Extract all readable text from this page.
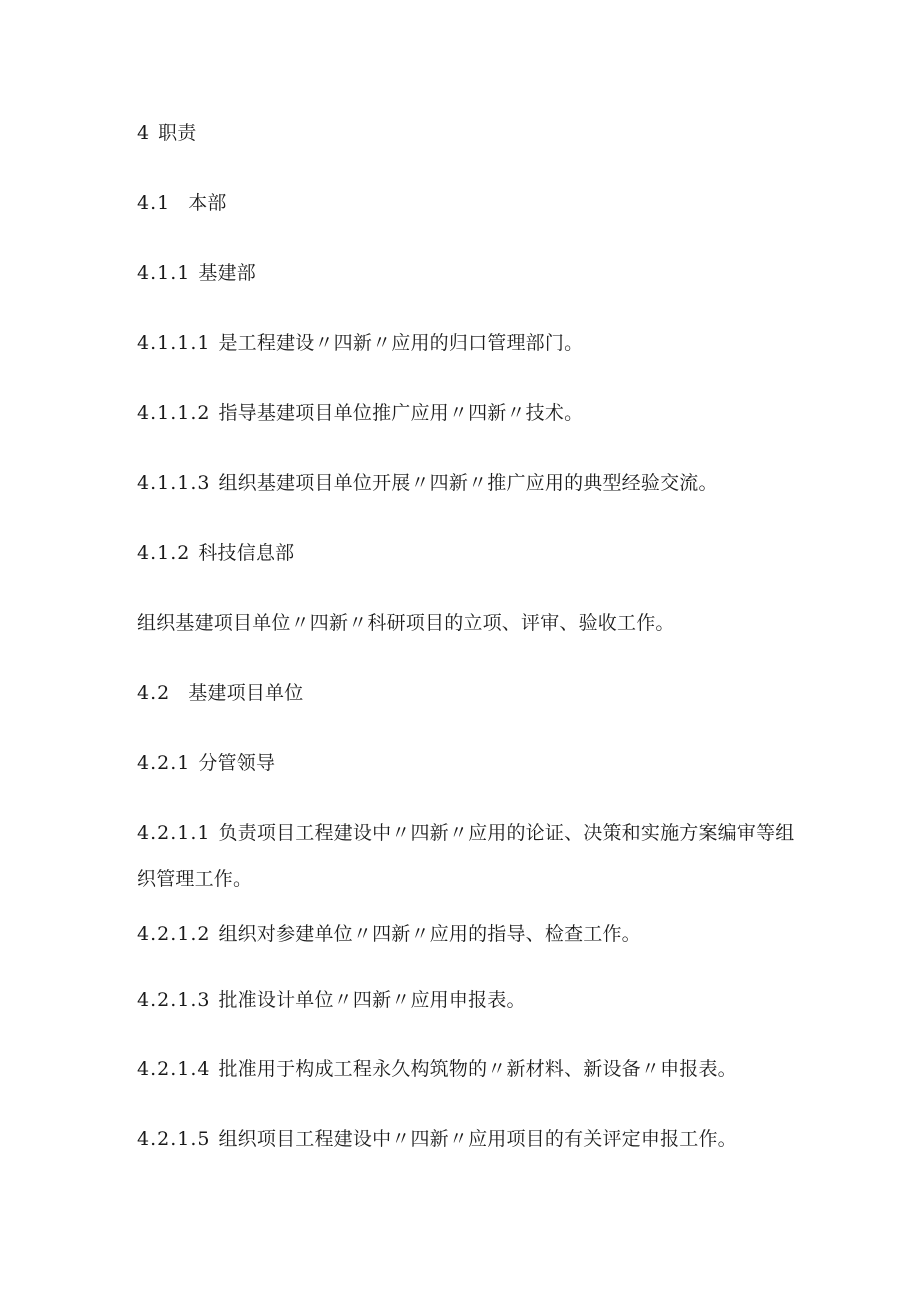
4 职责
4.1 本部
4.1.1 基建部
4.1.1.1 是工程建设〃四新〃应用的归口管理部门。
4.1.1.2 指导基建项目单位推广应用〃四新〃技术。
4.1.1.3 组织基建项目单位开展〃四新〃推广应用的典型经验交流。
4.1.2 科技信息部
组织基建项目单位〃四新〃科研项目的立项、评审、验收工作。
4.2 基建项目单位
4.2.1 分管领导
4.2.1.1 负责项目工程建设中〃四新〃应用的论证、决策和实施方案编审等组
织管理工作。
4.2.1.2 组织对参建单位〃四新〃应用的指导、检查工作。
4.2.1.3 批准设计单位〃四新〃应用申报表。
4.2.1.4 批准用于构成工程永久构筑物的〃新材料、新设备〃申报表。
4.2.1.5 组织项目工程建设中〃四新〃应用项目的有关评定申报工作。
